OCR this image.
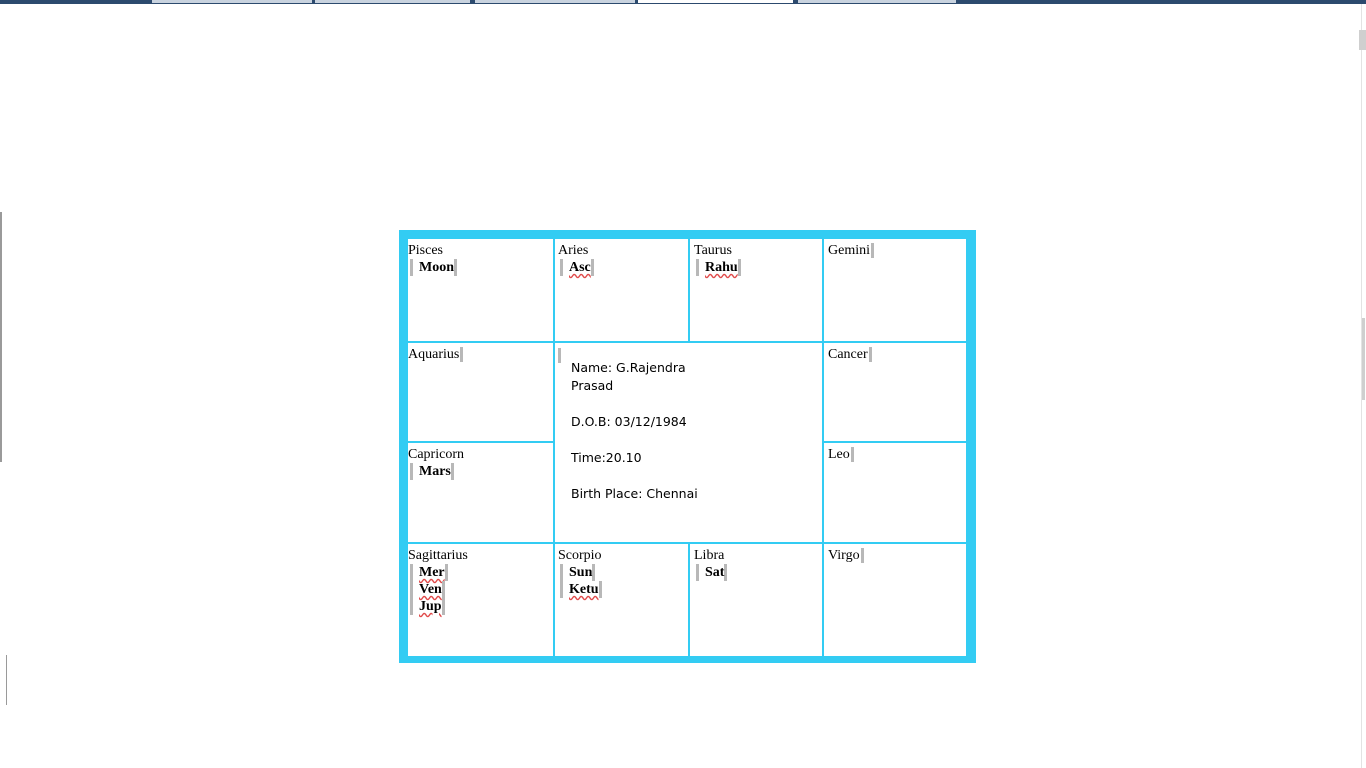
Pisces
Moon
Aries
Asc
Taurus
Rahu
Gemini
Aquarius
Name: G.Rajendra
Prasad
D.O.B: 03/12/1984
Time:20.10
Birth Place: Chennai
Cancer
Capricorn
Mars
Leo
Sagittarius
Mer
Ven
Jup
Scorpio
Sun
Ketu
Libra
Sat
Virgo
